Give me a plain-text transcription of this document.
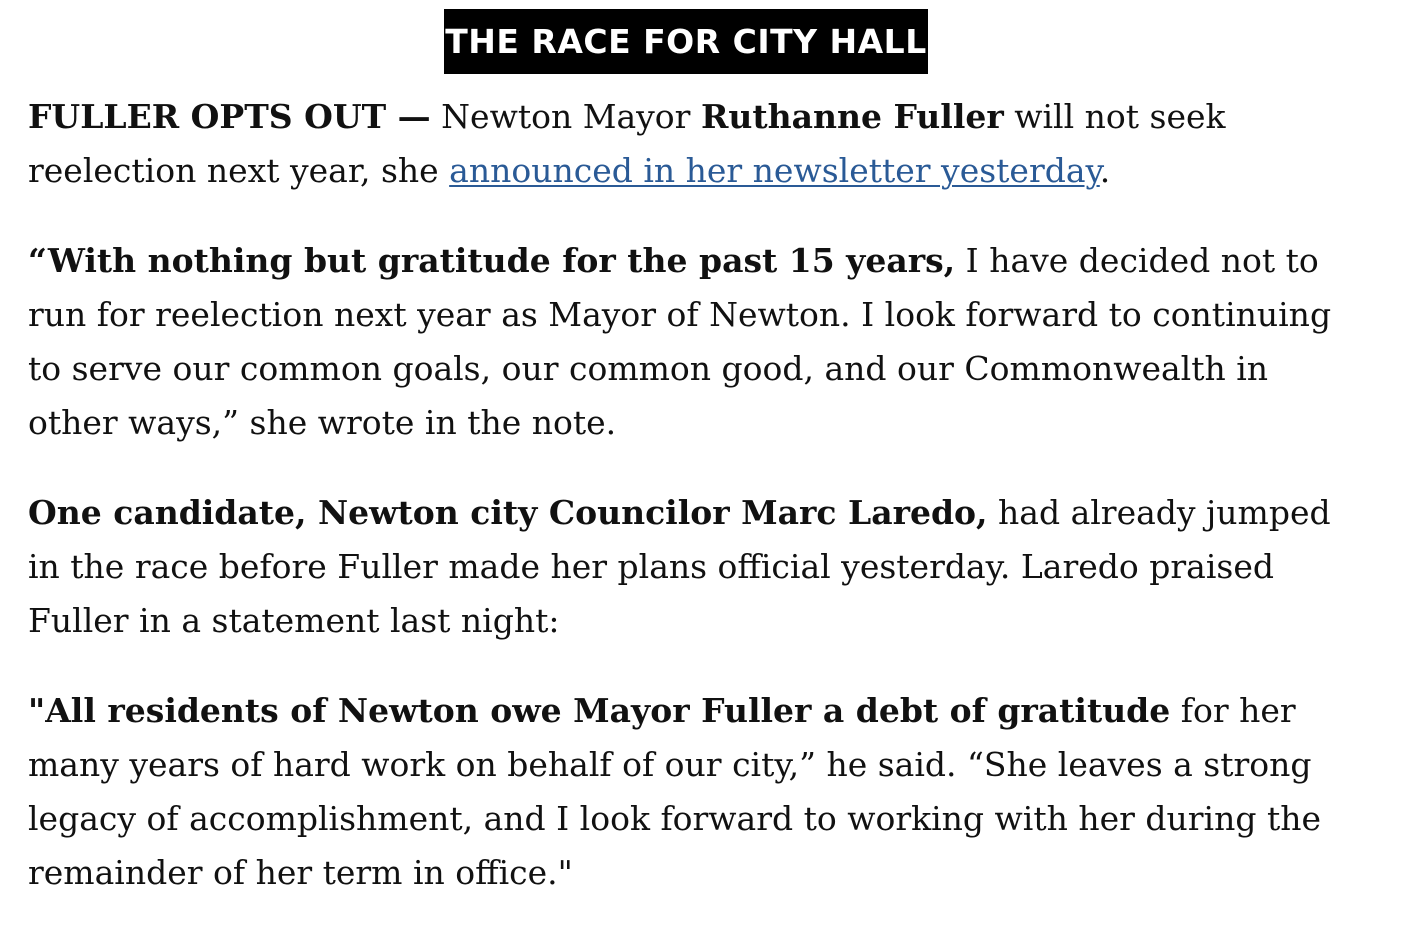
THE RACE FOR CITY HALL

FULLER OPTS OUT — Newton Mayor Ruthanne Fuller will not seek reelection next year, she announced in her newsletter yesterday.

“With nothing but gratitude for the past 15 years, I have decided not to run for reelection next year as Mayor of Newton. I look forward to continuing to serve our common goals, our common good, and our Commonwealth in other ways,” she wrote in the note.

One candidate, Newton city Councilor Marc Laredo, had already jumped in the race before Fuller made her plans official yesterday. Laredo praised Fuller in a statement last night:

"All residents of Newton owe Mayor Fuller a debt of gratitude for her many years of hard work on behalf of our city,” he said. “She leaves a strong legacy of accomplishment, and I look forward to working with her during the remainder of her term in office."
